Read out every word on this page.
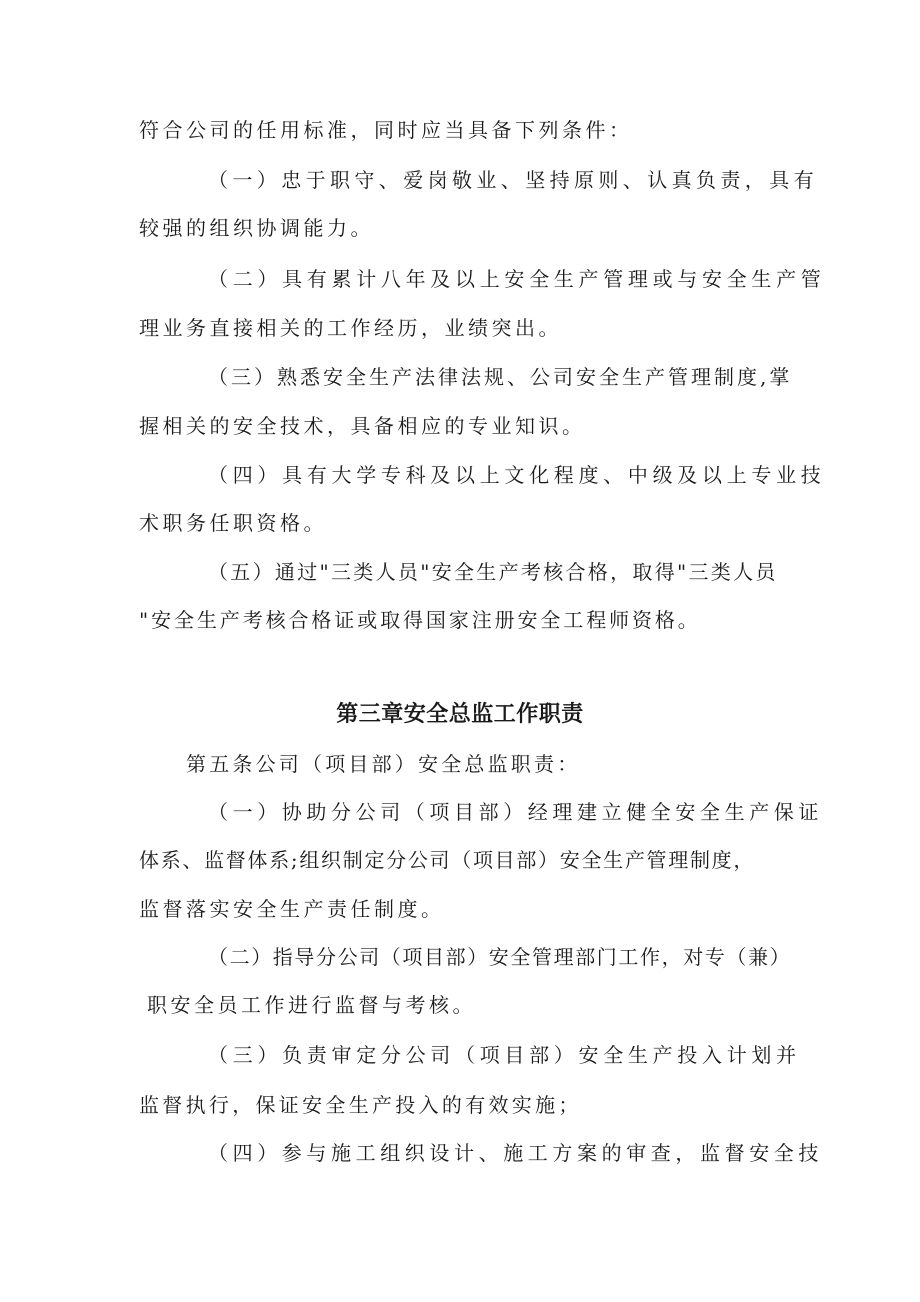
符合公司的任用标准，同时应当具备下列条件：
（一）忠于职守、爱岗敬业、坚持原则、认真负责，具有
较强的组织协调能力。
（二）具有累计八年及以上安全生产管理或与安全生产管
理业务直接相关的工作经历，业绩突出。
（三）熟悉安全生产法律法规、公司安全生产管理制度,掌
握相关的安全技术，具备相应的专业知识。
（四）具有大学专科及以上文化程度、中级及以上专业技
术职务任职资格。
（五）通过"三类人员"安全生产考核合格，取得"三类人员
"安全生产考核合格证或取得国家注册安全工程师资格。
第三章安全总监工作职责
第五条公司（项目部）安全总监职责：
（一）协助分公司（项目部）经理建立健全安全生产保证
体系、监督体系;组织制定分公司（项目部）安全生产管理制度，
监督落实安全生产责任制度。
（二）指导分公司（项目部）安全管理部门工作，对专（兼）
职安全员工作进行监督与考核。
（三）负责审定分公司（项目部）安全生产投入计划并
监督执行，保证安全生产投入的有效实施；
（四）参与施工组织设计、施工方案的审查，监督安全技
